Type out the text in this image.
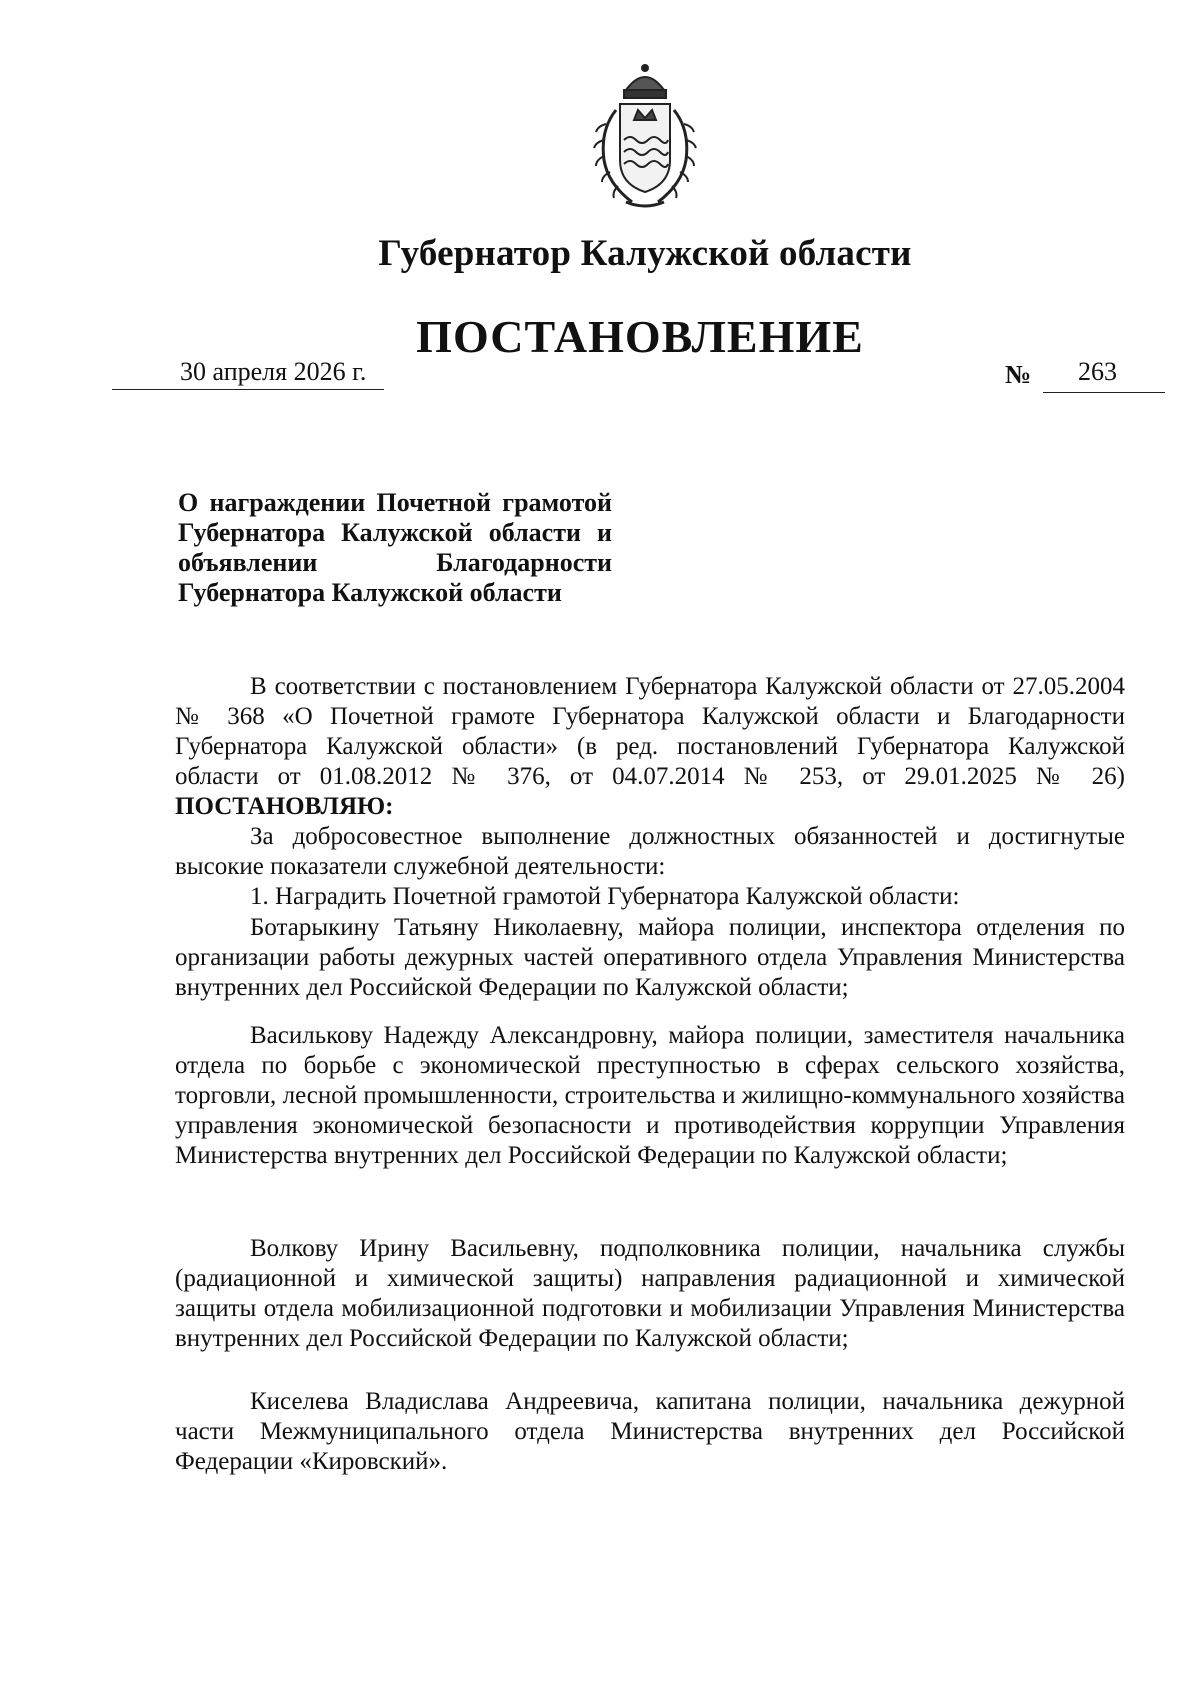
Губернатор Калужской области
ПОСТАНОВЛЕНИЕ
30 апреля 2026 г.	№ 263
О награждении Почетной грамотой Губернатора Калужской области и объявлении Благодарности Губернатора Калужской области

В соответствии с постановлением Губернатора Калужской области от 27.05.2004 № 368 «О Почетной грамоте Губернатора Калужской области и Благодарности Губернатора Калужской области» (в ред. постановлений Губернатора Калужской области от 01.08.2012 № 376, от 04.07.2014 № 253, от 29.01.2025 № 26) ПОСТАНОВЛЯЮ:

За добросовестное выполнение должностных обязанностей и достигнутые высокие показатели служебной деятельности:

1. Наградить Почетной грамотой Губернатора Калужской области:

Ботарыкину Татьяну Николаевну, майора полиции, инспектора отделения по организации работы дежурных частей оперативного отдела Управления Министерства внутренних дел Российской Федерации по Калужской области;

Василькову Надежду Александровну, майора полиции, заместителя начальника отдела по борьбе с экономической преступностью в сферах сельского хозяйства, торговли, лесной промышленности, строительства и жилищно-коммунального хозяйства управления экономической безопасности и противодействия коррупции Управления Министерства внутренних дел Российской Федерации по Калужской области;

Волкову Ирину Васильевну, подполковника полиции, начальника службы (радиационной и химической защиты) направления радиационной и химической защиты отдела мобилизационной подготовки и мобилизации Управления Министерства внутренних дел Российской Федерации по Калужской области;

Киселева Владислава Андреевича, капитана полиции, начальника дежурной части Межмуниципального отдела Министерства внутренних дел Российской Федерации «Кировский».
